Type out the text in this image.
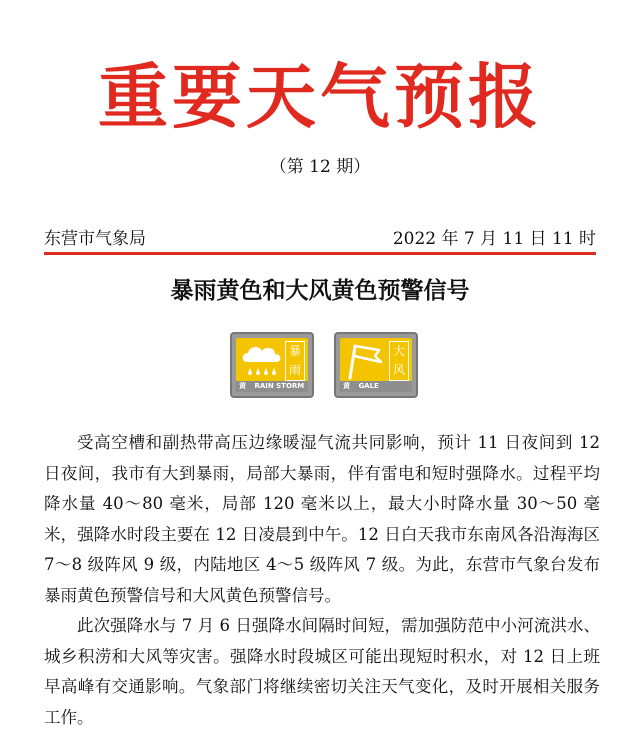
重要天气预报
（第 12 期）
东营市气象局	2022 年 7 月 11 日 11 时
暴雨黄色和大风黄色预警信号
暴
雨
黄 RAIN STORM
大
风
黄 GALE

受高空槽和副热带高压边缘暖湿气流共同影响，预计 11 日夜间到 12 日夜间，我市有大到暴雨，局部大暴雨，伴有雷电和短时强降水。过程平均降水量 40～80 毫米，局部 120 毫米以上，最大小时降水量 30～50 毫米，强降水时段主要在 12 日凌晨到中午。12 日白天我市东南风各沿海海区 7～8 级阵风 9 级，内陆地区 4～5 级阵风 7 级。为此，东营市气象台发布暴雨黄色预警信号和大风黄色预警信号。

此次强降水与 7 月 6 日强降水间隔时间短，需加强防范中小河流洪水、城乡积涝和大风等灾害。强降水时段城区可能出现短时积水，对 12 日上班早高峰有交通影响。气象部门将继续密切关注天气变化，及时开展相关服务工作。
